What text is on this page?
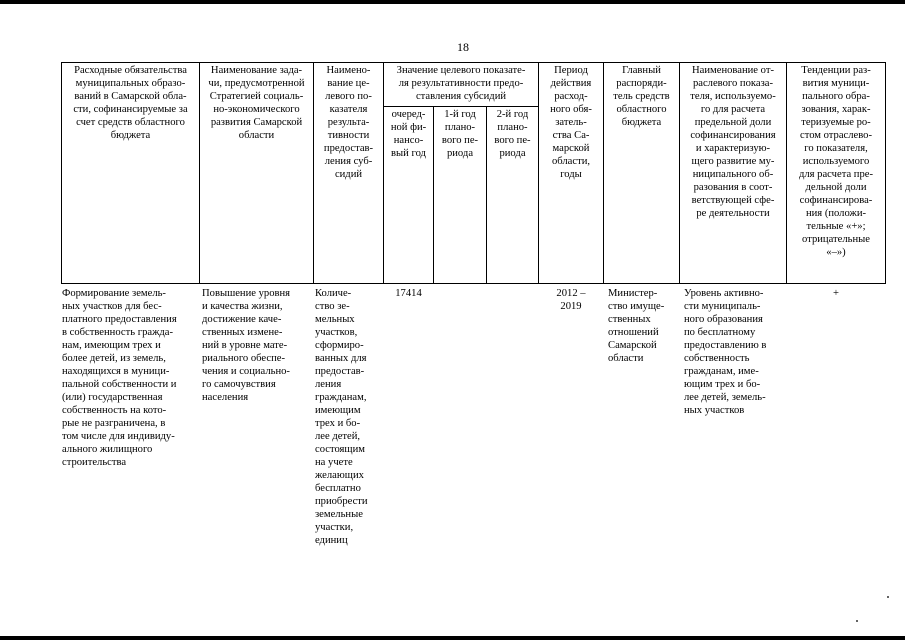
18
Расходные обязательства
муниципальных образо-
ваний в Самарской обла-
сти, софинансируемые за
счет средств областного
бюджета
Наименование зада-
чи, предусмотренной
Стратегией социаль-
но-экономического
развития Самарской
области
Наимено-
вание це-
левого по-
казателя
результа-
тивности
предостав-
ления суб-
сидий
Значение целевого показате-
ля результативности предо-
ставления субсидий
очеред-
ной фи-
нансо-
вый год
1-й год
плано-
вого пе-
риода
2-й год
плано-
вого пе-
риода
Период
действия
расход-
ного обя-
затель-
ства Са-
марской
области,
годы
Главный
распоряди-
тель средств
областного
бюджета
Наименование от-
раслевого показа-
теля, используемо-
го для расчета
предельной доли
софинансирования
и характеризую-
щего развитие му-
ниципального об-
разования в соот-
ветствующей сфе-
ре деятельности
Тенденции раз-
вития муници-
пального обра-
зования, харак-
теризуемые ро-
стом отраслево-
го показателя,
используемого
для расчета пре-
дельной доли
софинансирова-
ния (положи-
тельные «+»;
отрицательные
«–»)
Формирование земель-
ных участков для бес-
платного предоставления
в собственность гражда-
нам, имеющим трех и
более детей, из земель,
находящихся в муници-
пальной собственности и
(или) государственная
собственность на кото-
рые не разграничена, в
том числе для индивиду-
ального жилищного
строительства
Повышение уровня
и качества жизни,
достижение каче-
ственных измене-
ний в уровне мате-
риального обеспе-
чения и социально-
го самочувствия
населения
Количе-
ство зе-
мельных
участков,
сформиро-
ванных для
предостав-
ления
гражданам,
имеющим
трех и бо-
лее детей,
состоящим
на учете
желающих
бесплатно
приобрести
земельные
участки,
единиц
17414	2012 –
2019
Министер-
ство имуще-
ственных
отношений
Самарской
области
Уровень активно-
сти муниципаль-
ного образования
по бесплатному
предоставлению в
собственность
гражданам, име-
ющим трех и бо-
лее детей, земель-
ных участков
+
